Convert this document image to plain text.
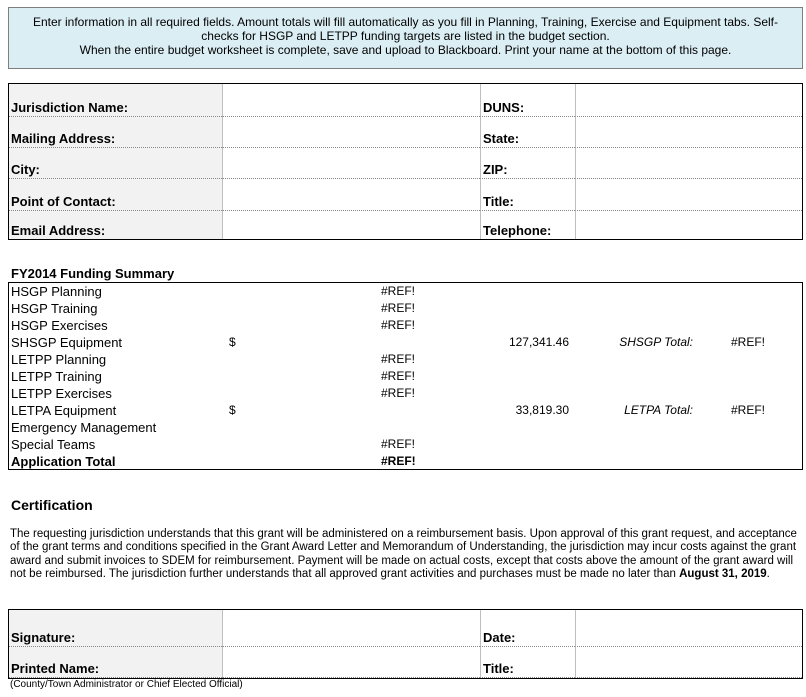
Enter information in all required fields. Amount totals will fill automatically as you fill in Planning, Training, Exercise and Equipment tabs. Self-
checks for HSGP and LETPP funding targets are listed in the budget section.
When the entire budget worksheet is complete, save and upload to Blackboard. Print your name at the bottom of this page.
Jurisdiction Name:	DUNS:
Mailing Address:	State:
City:	ZIP:
Point of Contact:	Title:
Email Address:	Telephone:
FY2014 Funding Summary
HSGP Planning	#REF!
HSGP Training	#REF!
HSGP Exercises	#REF!
SHSGP Equipment	$	127,341.46	SHSGP Total:	#REF!
LETPP Planning	#REF!
LETPP Training	#REF!
LETPP Exercises	#REF!
LETPA Equipment	$	33,819.30	LETPA Total:	#REF!
Emergency Management
Special Teams	#REF!
Application Total	#REF!
Certification
The requesting jurisdiction understands that this grant will be administered on a reimbursement basis. Upon approval of this grant request, and acceptance of the grant terms and conditions specified in the Grant Award Letter and Memorandum of Understanding, the jurisdiction may incur costs against the grant award and submit invoices to SDEM for reimbursement. Payment will be made on actual costs, except that costs above the amount of the grant award will not be reimbursed. The jurisdiction further understands that all approved grant activities and purchases must be made no later than August 31, 2019.
Signature:	Date:
Printed Name:	Title:
(County/Town Administrator or Chief Elected Official)
